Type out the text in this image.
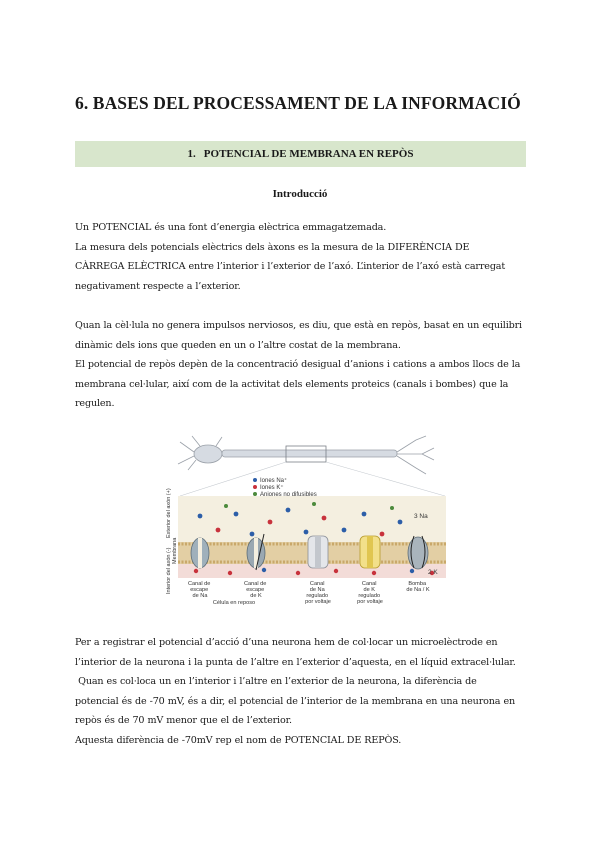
6. BASES DEL PROCESSAMENT DE LA INFORMACIÓ
1. POTENCIAL DE MEMBRANA EN REPÒS
Introducció

Un POTENCIAL és una font d’energia elèctrica emmagatzemada.
La mesura dels potencials elèctrics dels àxons es la mesura de la DIFERÈNCIA DE
CÀRREGA ELÈCTRICA entre l’interior i l’exterior de l’axó. L’interior de l’axó està carregat
negativament respecte a l’exterior.

Quan la cèl·lula no genera impulsos nerviosos, es diu, que està en repòs, basat en un equilibri
dinàmic dels ions que queden en un o l’altre costat de la membrana.
El potencial de repòs depèn de la concentració desigual d’anions i cations a ambos llocs de la
membrana cel·lular, així com de la activitat dels elements proteics (canals i bombes) que la
regulen.

Iones Na⁺
Iones K⁺
Aniones no difusibles
Exterior del axón (+)
Interior del axón (-) Membrana
3 Na
2 K
Canal de escape de Na
Canal de escape de K
Canal de Na regulado por voltaje
Canal de K regulado por voltaje
Bomba de Na / K
Célula en reposo

Per a registrar el potencial d’acció d’una neurona hem de col·locar un microelèctrode en
l’interior de la neurona i la punta de l’altre en l’exterior d’aquesta, en el líquid extracel·lular.
Quan es col·loca un en l’interior i l’altre en l’exterior de la neurona, la diferència de
potencial és de -70 mV, és a dir, el potencial de l’interior de la membrana en una neurona en
repòs és de 70 mV menor que el de l’exterior.
Aquesta diferència de -70mV rep el nom de POTENCIAL DE REPÒS.
